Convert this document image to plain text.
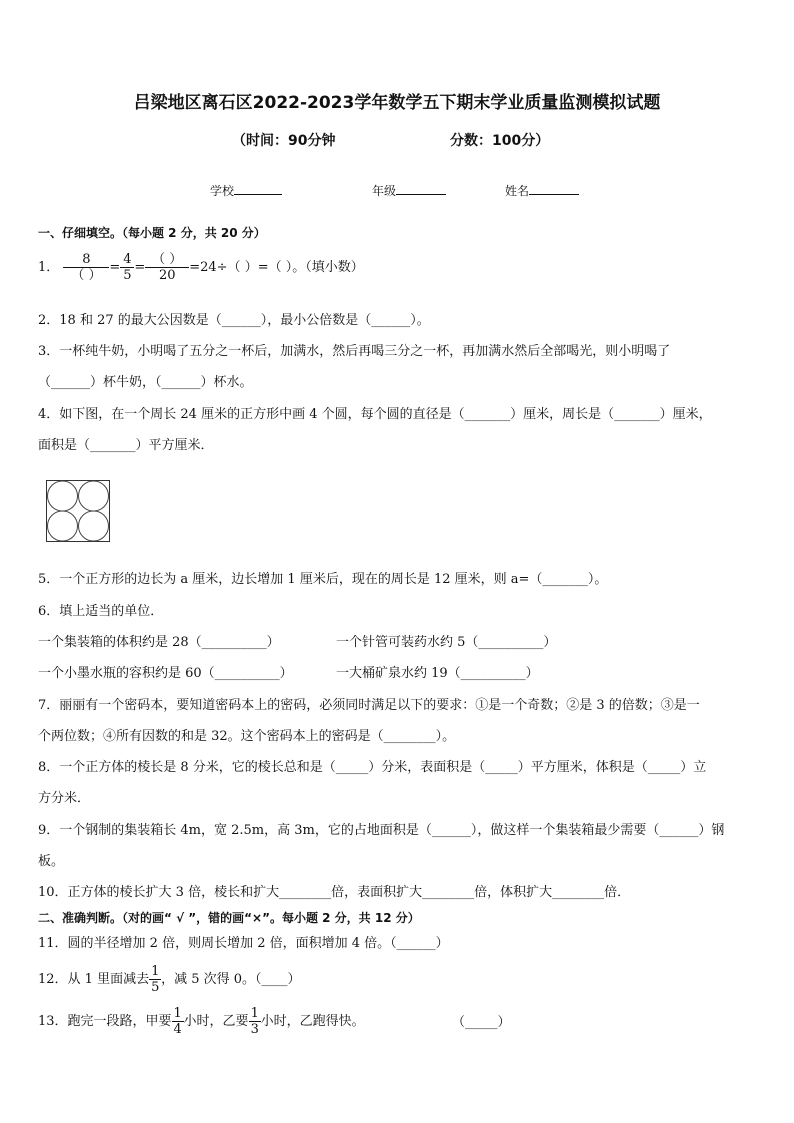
吕梁地区离石区2022-2023学年数学五下期末学业质量监测模拟试题
（时间：90分钟	分数：100分）
学校	年级	姓名
一、仔细填空。（每小题 2 分，共 20 分）
1． $\frac{8}{( )} = \frac{4}{5} = \frac{( )}{20} =24\div$（ ）=（ ）。（填小数）
2．18 和 27 的最大公因数是（______），最小公倍数是（______）。
3．一杯纯牛奶，小明喝了五分之一杯后，加满水，然后再喝三分之一杯，再加满水然后全部喝光，则小明喝了
（______）杯牛奶，（______）杯水。
4．如下图，在一个周长 24 厘米的正方形中画 4 个圆，每个圆的直径是（_______）厘米，周长是（_______）厘米，
面积是（_______）平方厘米．
5．一个正方形的边长为 a 厘米，边长增加 1 厘米后，现在的周长是 12 厘米，则 a=（_______）。
6．填上适当的单位．
一个集装箱的体积约是 28（__________）	一个针管可装药水约 5（__________）
一个小墨水瓶的容积约是 60（__________）	一大桶矿泉水约 19（__________）
7．丽丽有一个密码本，要知道密码本上的密码，必须同时满足以下的要求：①是一个奇数；②是 3 的倍数；③是一
个两位数；④所有因数的和是 32。这个密码本上的密码是（________）。
8．一个正方体的棱长是 8 分米，它的棱长总和是（_____）分米，表面积是（_____）平方厘米，体积是（_____）立
方分米．
9．一个钢制的集装箱长 4m，宽 2.5m，高 3m，它的占地面积是（______），做这样一个集装箱最少需要（______）钢
板。
10．正方体的棱长扩大 3 倍，棱长和扩大________倍，表面积扩大________倍，体积扩大________倍．
二、准确判断。（对的画“ √ ”，错的画“×”。每小题 2 分，共 12 分）
11．圆的半径增加 2 倍，则周长增加 2 倍，面积增加 4 倍。（______）
12．从 1 里面减去 $\frac{1}{5}$ ，减 5 次得 0。（____）
13．跑完一段路，甲要 $\frac{1}{4}$ 小时，乙要 $\frac{1}{3}$ 小时，乙跑得快。	（_____）
